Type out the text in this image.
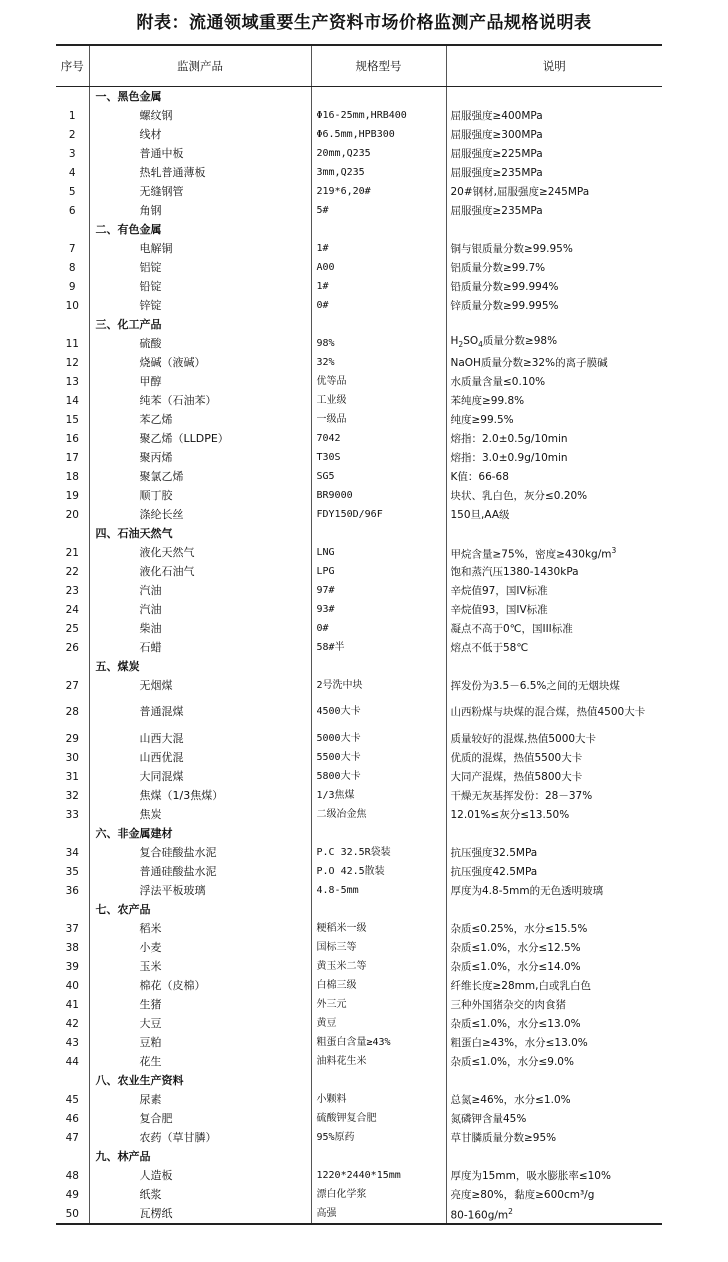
附表：流通领域重要生产资料市场价格监测产品规格说明表
序号	监测产品	规格型号	说明
	一、黑色金属		
1	螺纹钢	Φ16-25mm,HRB400	屈服强度≥400MPa
2	线材	Φ6.5mm,HPB300	屈服强度≥300MPa
3	普通中板	20mm,Q235	屈服强度≥225MPa
4	热轧普通薄板	3mm,Q235	屈服强度≥235MPa
5	无缝钢管	219*6,20#	20#钢材,屈服强度≥245MPa
6	角钢	5#	屈服强度≥235MPa
	二、有色金属		
7	电解铜	1#	铜与银质量分数≥99.95%
8	铝锭	A00	铝质量分数≥99.7%
9	铅锭	1#	铅质量分数≥99.994%
10	锌锭	0#	锌质量分数≥99.995%
	三、化工产品		
11	硫酸	98%	$H_2SO_4$质量分数≥98%
12	烧碱（液碱）	32%	NaOH质量分数≥32%的离子膜碱
13	甲醇	优等品	水质量含量≤0.10%
14	纯苯（石油苯）	工业级	苯纯度≥99.8%
15	苯乙烯	一级品	纯度≥99.5%
16	聚乙烯（LLDPE）	7042	熔指：2.0±0.5g/10min
17	聚丙烯	T30S	熔指：3.0±0.9g/10min
18	聚氯乙烯	SG5	K值：66-68
19	顺丁胶	BR9000	块状、乳白色，灰分≤0.20%
20	涤纶长丝	FDY150D/96F	150旦,AA级
	四、石油天然气		
21	液化天然气	LNG	甲烷含量≥75%，密度$\ge 430kg/m^3$
22	液化石油气	LPG	饱和蒸汽压1380-1430kPa
23	汽油	97#	辛烷值97，国IV标准
24	汽油	93#	辛烷值93，国IV标准
25	柴油	0#	凝点不高于0℃，国III标准
26	石蜡	58#半	熔点不低于58℃
	五、煤炭		
27	无烟煤	2号洗中块	挥发份为3.5－6.5%之间的无烟块煤
28	普通混煤	4500大卡	山西粉煤与块煤的混合煤，热值4500大卡
29	山西大混	5000大卡	质量较好的混煤,热值5000大卡
30	山西优混	5500大卡	优质的混煤，热值5500大卡
31	大同混煤	5800大卡	大同产混煤，热值5800大卡
32	焦煤（1/3焦煤）	1/3焦煤	干燥无灰基挥发份：28－37%
33	焦炭	二级冶金焦	12.01%≤灰分≤13.50%
	六、非金属建材		
34	复合硅酸盐水泥	P.C 32.5R袋装	抗压强度32.5MPa
35	普通硅酸盐水泥	P.O 42.5散装	抗压强度42.5MPa
36	浮法平板玻璃	4.8-5mm	厚度为4.8-5mm的无色透明玻璃
	七、农产品		
37	稻米	粳稻米一级	杂质≤0.25%，水分≤15.5%
38	小麦	国标三等	杂质≤1.0%，水分≤12.5%
39	玉米	黄玉米二等	杂质≤1.0%，水分≤14.0%
40	棉花（皮棉）	白棉三级	纤维长度≥28mm,白或乳白色
41	生猪	外三元	三种外国猪杂交的肉食猪
42	大豆	黄豆	杂质≤1.0%，水分≤13.0%
43	豆粕	粗蛋白含量≥43%	粗蛋白≥43%，水分≤13.0%
44	花生	油料花生米	杂质≤1.0%，水分≤9.0%
	八、农业生产资料		
45	尿素	小颗料	总氮≥46%，水分≤1.0%
46	复合肥	硫酸钾复合肥	氮磷钾含量45%
47	农药（草甘膦）	95%原药	草甘膦质量分数≥95%
	九、林产品		
48	人造板	1220*2440*15mm	厚度为15mm，吸水膨胀率≤10%
49	纸浆	漂白化学浆	亮度≥80%，黏度≥600cm³/g
50	瓦楞纸	高强	$80-160g/m^2$
